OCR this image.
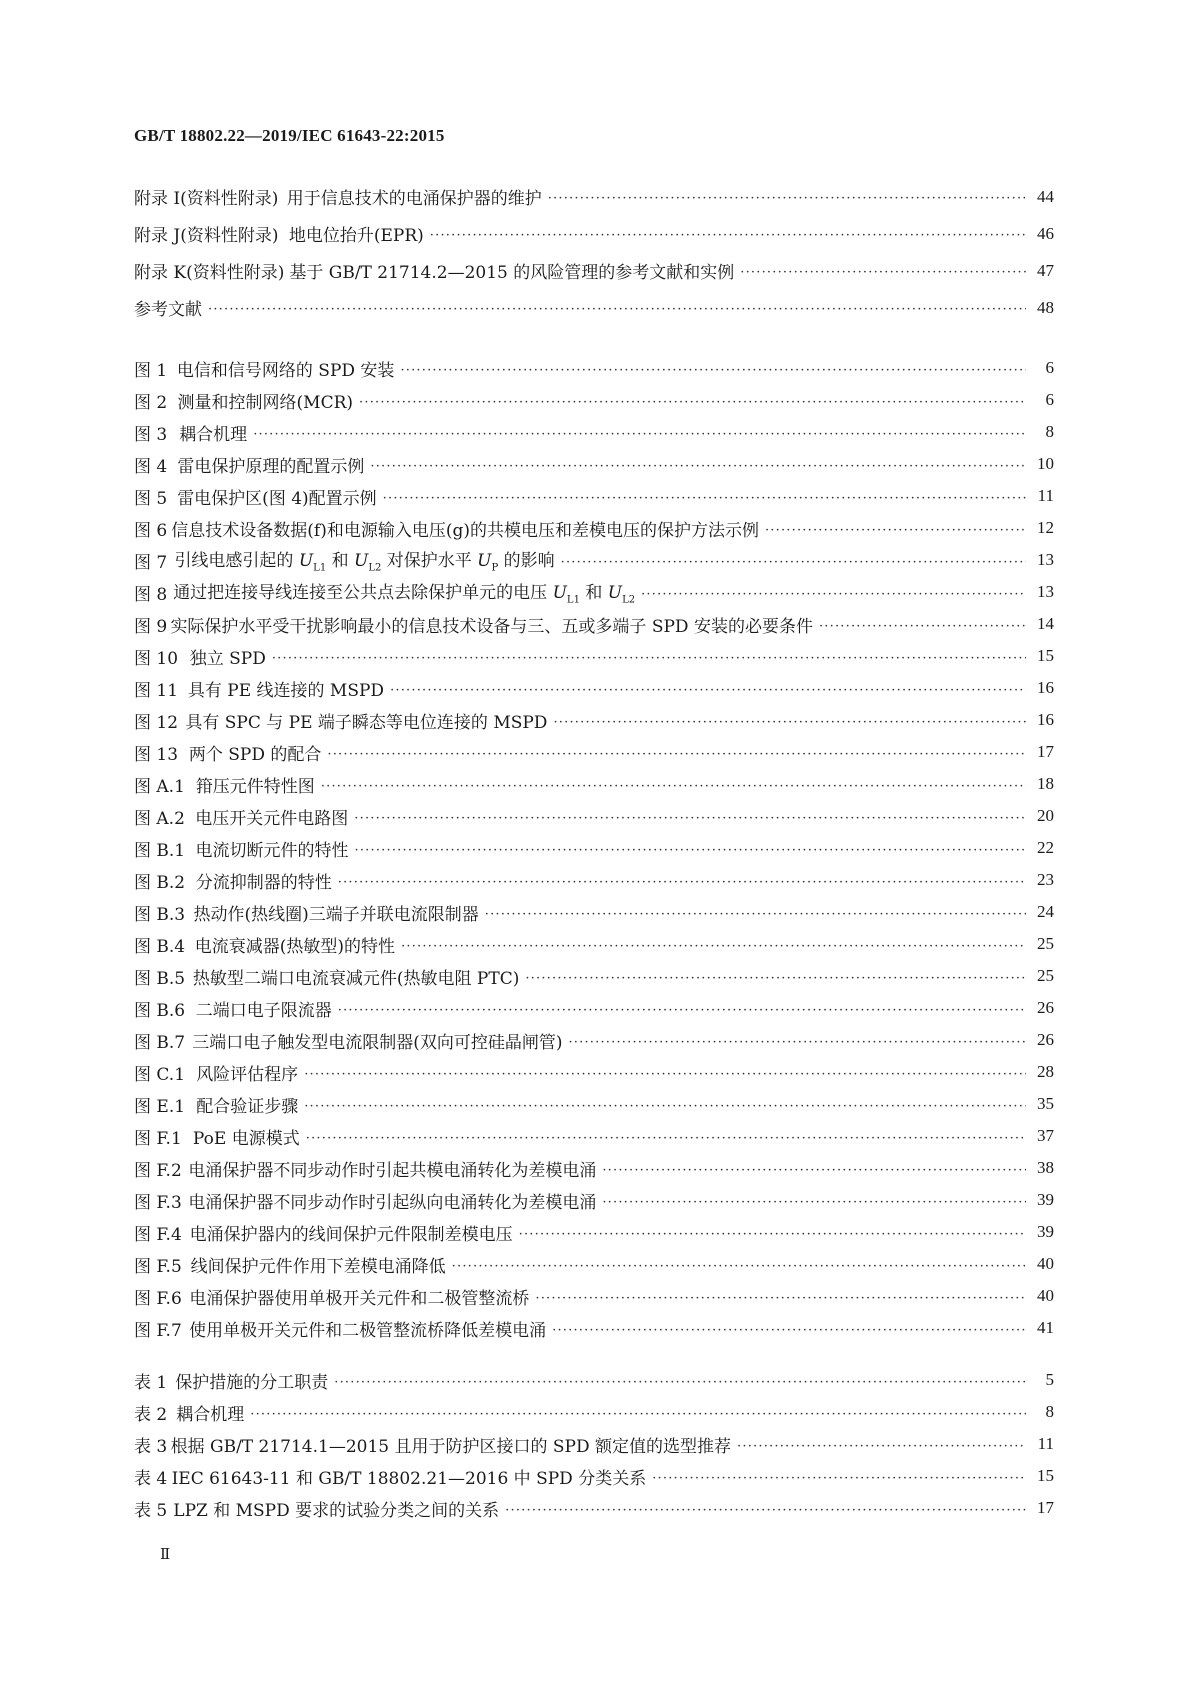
GB/T 18802.22—2019/IEC 61643-22:2015
附录 I(资料性附录) 用于信息技术的电涌保护器的维护 ·····	44
附录 J(资料性附录) 地电位抬升(EPR) ·····	46
附录 K(资料性附录) 基于 GB/T 21714.2—2015 的风险管理的参考文献和实例 ·····	47
参考文献 ·····	48
图 1 电信和信号网络的 SPD 安装 ·····	6
图 2 测量和控制网络(MCR) ·····	6
图 3 耦合机理 ·····	8
图 4 雷电保护原理的配置示例 ·····	10
图 5 雷电保护区(图 4)配置示例 ·····	11
图 6 信息技术设备数据(f)和电源输入电压(g)的共模电压和差模电压的保护方法示例 ·····	12
图 7 引线电感引起的 $U_{L1}$ 和 $U_{L2}$ 对保护水平 $U_P$ 的影响 ·····	13
图 8 通过把连接导线连接至公共点去除保护单元的电压 $U_{L1}$ 和 $U_{L2}$ ·····	13
图 9 实际保护水平受干扰影响最小的信息技术设备与三、五或多端子 SPD 安装的必要条件 ·····	14
图 10 独立 SPD ·····	15
图 11 具有 PE 线连接的 MSPD ·····	16
图 12 具有 SPC 与 PE 端子瞬态等电位连接的 MSPD ·····	16
图 13 两个 SPD 的配合 ·····	17
图 A.1 箝压元件特性图 ·····	18
图 A.2 电压开关元件电路图 ·····	20
图 B.1 电流切断元件的特性 ·····	22
图 B.2 分流抑制器的特性 ·····	23
图 B.3 热动作(热线圈)三端子并联电流限制器 ·····	24
图 B.4 电流衰减器(热敏型)的特性 ·····	25
图 B.5 热敏型二端口电流衰减元件(热敏电阻 PTC) ·····	25
图 B.6 二端口电子限流器 ·····	26
图 B.7 三端口电子触发型电流限制器(双向可控硅晶闸管) ·····	26
图 C.1 风险评估程序 ·····	28
图 E.1 配合验证步骤 ·····	35
图 F.1 PoE 电源模式 ·····	37
图 F.2 电涌保护器不同步动作时引起共模电涌转化为差模电涌 ·····	38
图 F.3 电涌保护器不同步动作时引起纵向电涌转化为差模电涌 ·····	39
图 F.4 电涌保护器内的线间保护元件限制差模电压 ·····	39
图 F.5 线间保护元件作用下差模电涌降低 ·····	40
图 F.6 电涌保护器使用单极开关元件和二极管整流桥 ·····	40
图 F.7 使用单极开关元件和二极管整流桥降低差模电涌 ·····	41
表 1 保护措施的分工职责 ·····	5
表 2 耦合机理 ·····	8
表 3 根据 GB/T 21714.1—2015 且用于防护区接口的 SPD 额定值的选型推荐 ·····	11
表 4 IEC 61643-11 和 GB/T 18802.21—2016 中 SPD 分类关系 ·····	15
表 5 LPZ 和 MSPD 要求的试验分类之间的关系 ·····	17
Ⅱ
